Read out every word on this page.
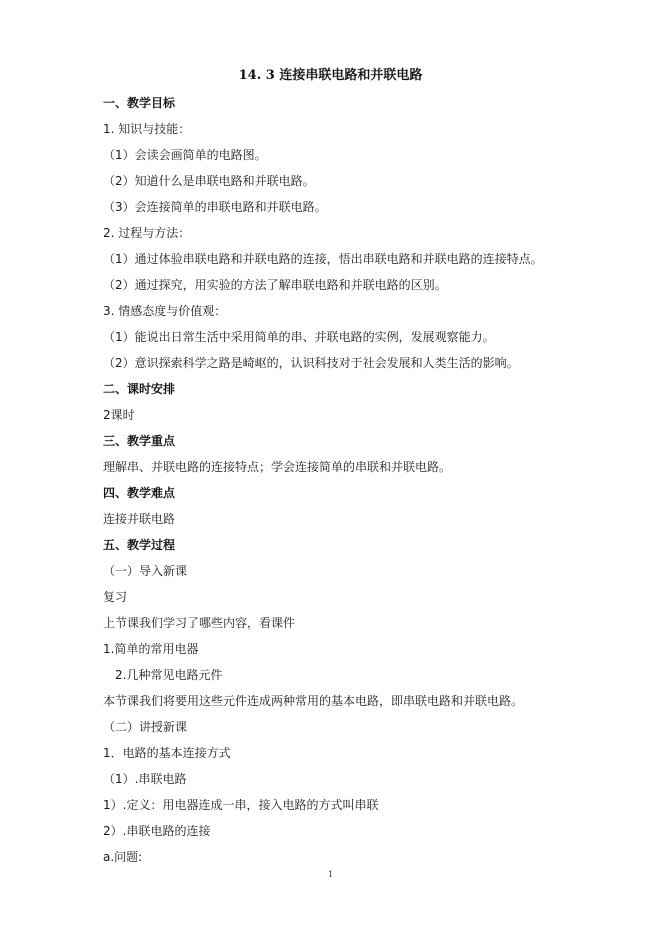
14. 3 连接串联电路和并联电路
一、教学目标
1. 知识与技能：
（1）会读会画简单的电路图。
（2）知道什么是串联电路和并联电路。
（3）会连接简单的串联电路和并联电路。
2. 过程与方法：
（1）通过体验串联电路和并联电路的连接，悟出串联电路和并联电路的连接特点。
（2）通过探究，用实验的方法了解串联电路和并联电路的区别。
3. 情感态度与价值观：
（1）能说出日常生活中采用简单的串、并联电路的实例，发展观察能力。
（2）意识探索科学之路是崎岖的，认识科技对于社会发展和人类生活的影响。
二、课时安排
2课时
三、教学重点
理解串、并联电路的连接特点；学会连接简单的串联和并联电路。
四、教学难点
连接并联电路
五、教学过程
（一）导入新课
复习
上节课我们学习了哪些内容，看课件
1.简单的常用电器
2.几种常见电路元件
本节课我们将要用这些元件连成两种常用的基本电路，即串联电路和并联电路。
（二）讲授新课
1．电路的基本连接方式
（1）.串联电路
1）.定义：用电器连成一串，接入电路的方式叫串联
2）.串联电路的连接
a.问题:
1
